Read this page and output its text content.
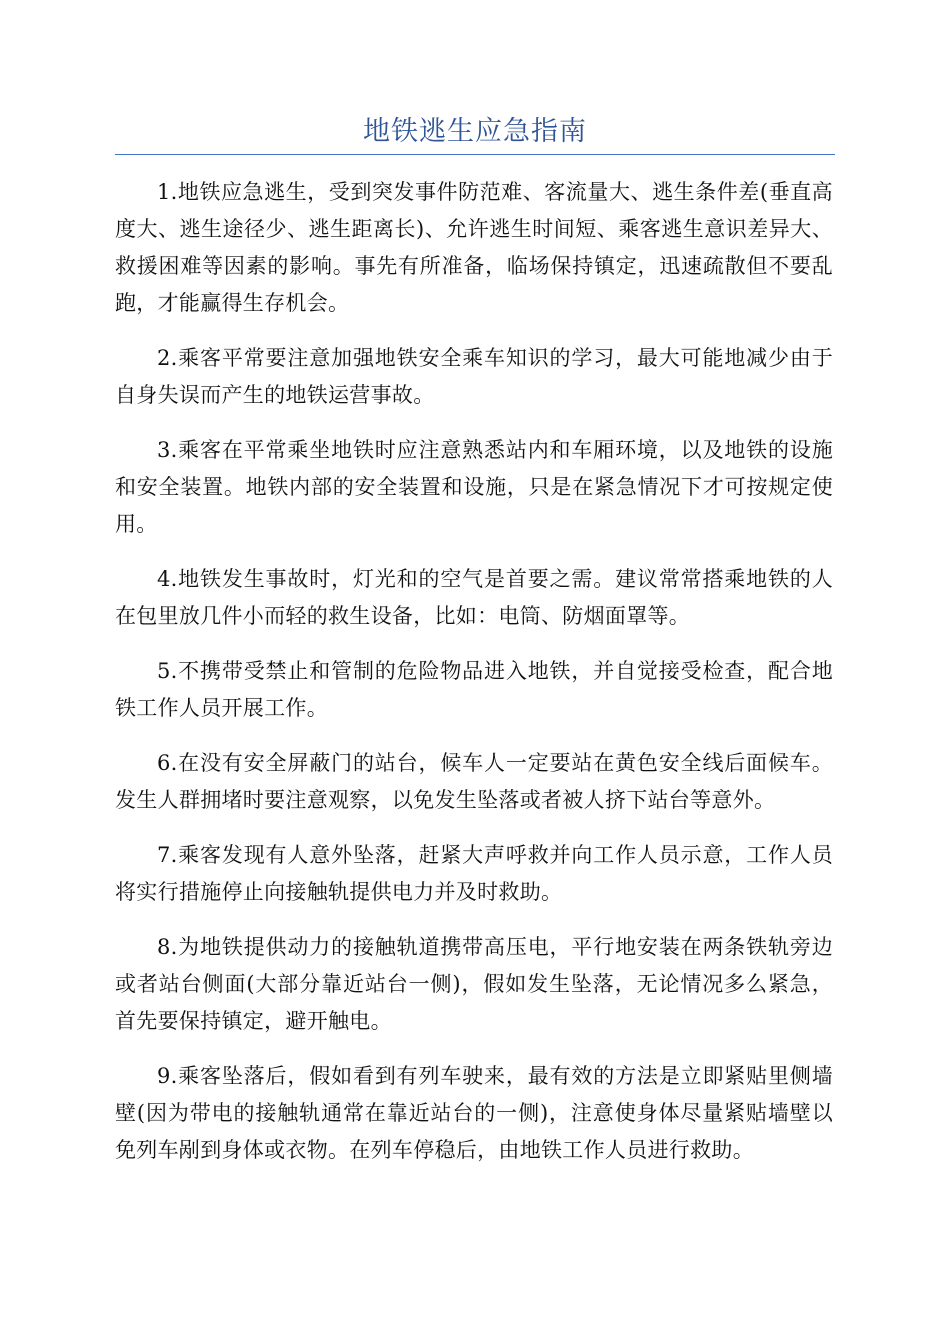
地铁逃生应急指南

1.地铁应急逃生，受到突发事件防范难、客流量大、逃生条件差(垂直高度大、逃生途径少、逃生距离长)、允许逃生时间短、乘客逃生意识差异大、救援困难等因素的影响。事先有所准备，临场保持镇定，迅速疏散但不要乱跑，才能赢得生存机会。

2.乘客平常要注意加强地铁安全乘车知识的学习，最大可能地减少由于自身失误而产生的地铁运营事故。

3.乘客在平常乘坐地铁时应注意熟悉站内和车厢环境，以及地铁的设施和安全装置。地铁内部的安全装置和设施，只是在紧急情况下才可按规定使用。

4.地铁发生事故时，灯光和的空气是首要之需。建议常常搭乘地铁的人在包里放几件小而轻的救生设备，比如：电筒、防烟面罩等。

5.不携带受禁止和管制的危险物品进入地铁，并自觉接受检查，配合地铁工作人员开展工作。

6.在没有安全屏蔽门的站台，候车人一定要站在黄色安全线后面候车。发生人群拥堵时要注意观察，以免发生坠落或者被人挤下站台等意外。

7.乘客发现有人意外坠落，赶紧大声呼救并向工作人员示意，工作人员将实行措施停止向接触轨提供电力并及时救助。

8.为地铁提供动力的接触轨道携带高压电，平行地安装在两条铁轨旁边或者站台侧面(大部分靠近站台一侧)，假如发生坠落，无论情况多么紧急，首先要保持镇定，避开触电。

9.乘客坠落后，假如看到有列车驶来，最有效的方法是立即紧贴里侧墙壁(因为带电的接触轨通常在靠近站台的一侧)，注意使身体尽量紧贴墙壁以免列车剐到身体或衣物。在列车停稳后，由地铁工作人员进行救助。
